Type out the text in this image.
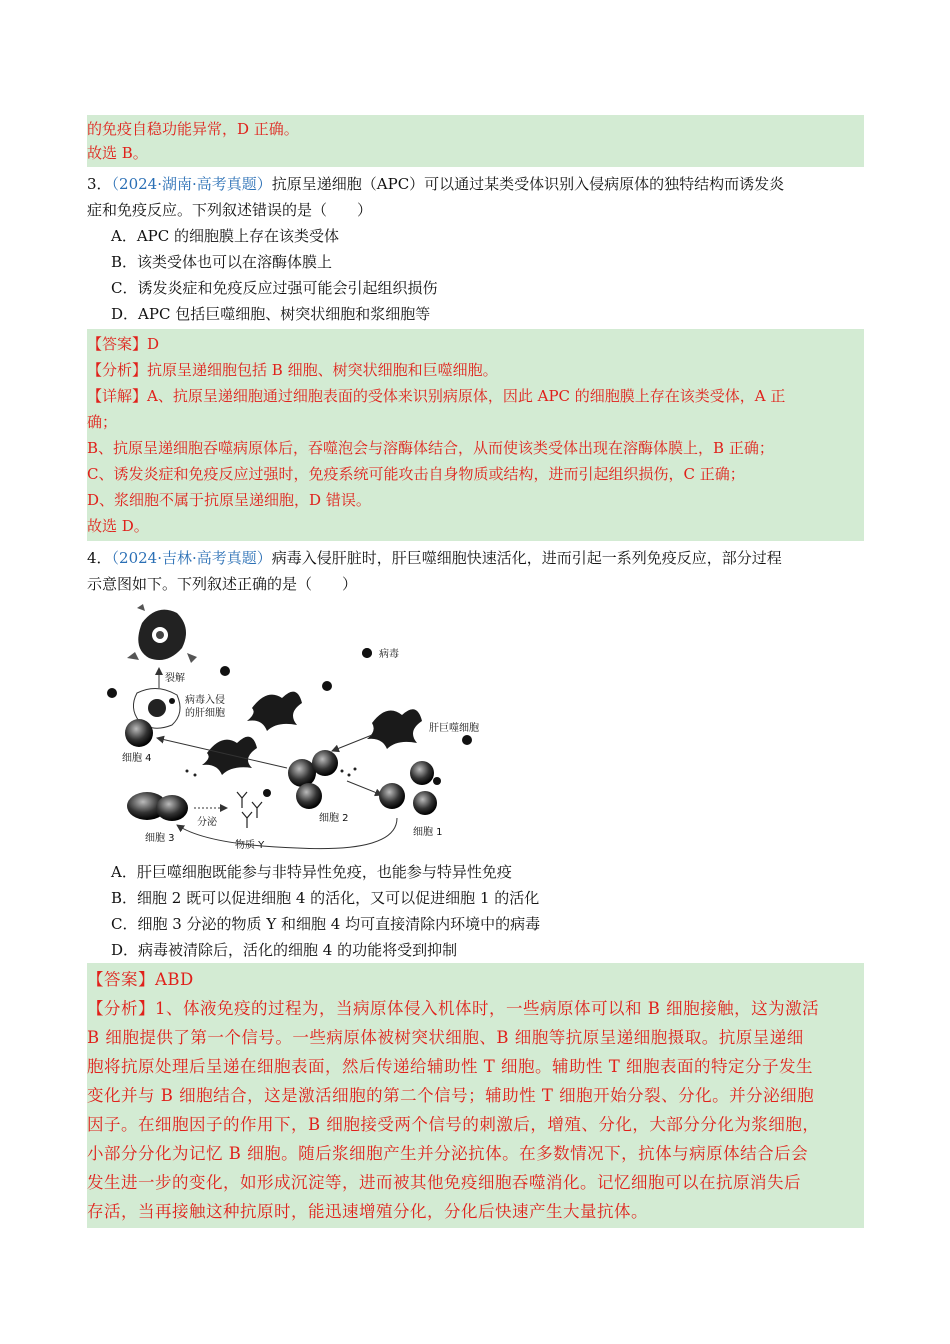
的免疫自稳功能异常，D 正确。

故选 B。

3．（2024·湖南·高考真题）抗原呈递细胞（APC）可以通过某类受体识别入侵病原体的独特结构而诱发炎
症和免疫反应。下列叙述错误的是（　　）

A．APC 的细胞膜上存在该类受体

B．该类受体也可以在溶酶体膜上

C．诱发炎症和免疫反应过强可能会引起组织损伤

D．APC 包括巨噬细胞、树突状细胞和浆细胞等

【答案】D

【分析】抗原呈递细胞包括 B 细胞、树突状细胞和巨噬细胞。

【详解】A、抗原呈递细胞通过细胞表面的受体来识别病原体，因此 APC 的细胞膜上存在该类受体，A 正
确；

B、抗原呈递细胞吞噬病原体后，吞噬泡会与溶酶体结合，从而使该类受体出现在溶酶体膜上，B 正确；

C、诱发炎症和免疫反应过强时，免疫系统可能攻击自身物质或结构，进而引起组织损伤，C 正确；

D、浆细胞不属于抗原呈递细胞，D 错误。

故选 D。

4．（2024·吉林·高考真题）病毒入侵肝脏时，肝巨噬细胞快速活化，进而引起一系列免疫反应，部分过程
示意图如下。下列叙述正确的是（　　）

裂解
病毒入侵
的肝细胞
病毒
肝巨噬细胞
细胞 4
细胞 2
细胞 1
细胞 3
分泌
物质 Y

A．肝巨噬细胞既能参与非特异性免疫，也能参与特异性免疫

B．细胞 2 既可以促进细胞 4 的活化，又可以促进细胞 1 的活化

C．细胞 3 分泌的物质 Y 和细胞 4 均可直接清除内环境中的病毒

D．病毒被清除后，活化的细胞 4 的功能将受到抑制

【答案】ABD

【分析】1、体液免疫的过程为，当病原体侵入机体时，一些病原体可以和 B 细胞接触，这为激活
B 细胞提供了第一个信号。一些病原体被树突状细胞、B 细胞等抗原呈递细胞摄取。抗原呈递细
胞将抗原处理后呈递在细胞表面，然后传递给辅助性 T 细胞。辅助性 T 细胞表面的特定分子发生
变化并与 B 细胞结合，这是激活细胞的第二个信号；辅助性 T 细胞开始分裂、分化。并分泌细胞
因子。在细胞因子的作用下，B 细胞接受两个信号的刺激后，增殖、分化，大部分分化为浆细胞，
小部分分化为记忆 B 细胞。随后浆细胞产生并分泌抗体。在多数情况下，抗体与病原体结合后会
发生进一步的变化，如形成沉淀等，进而被其他免疫细胞吞噬消化。记忆细胞可以在抗原消失后
存活，当再接触这种抗原时，能迅速增殖分化，分化后快速产生大量抗体。
